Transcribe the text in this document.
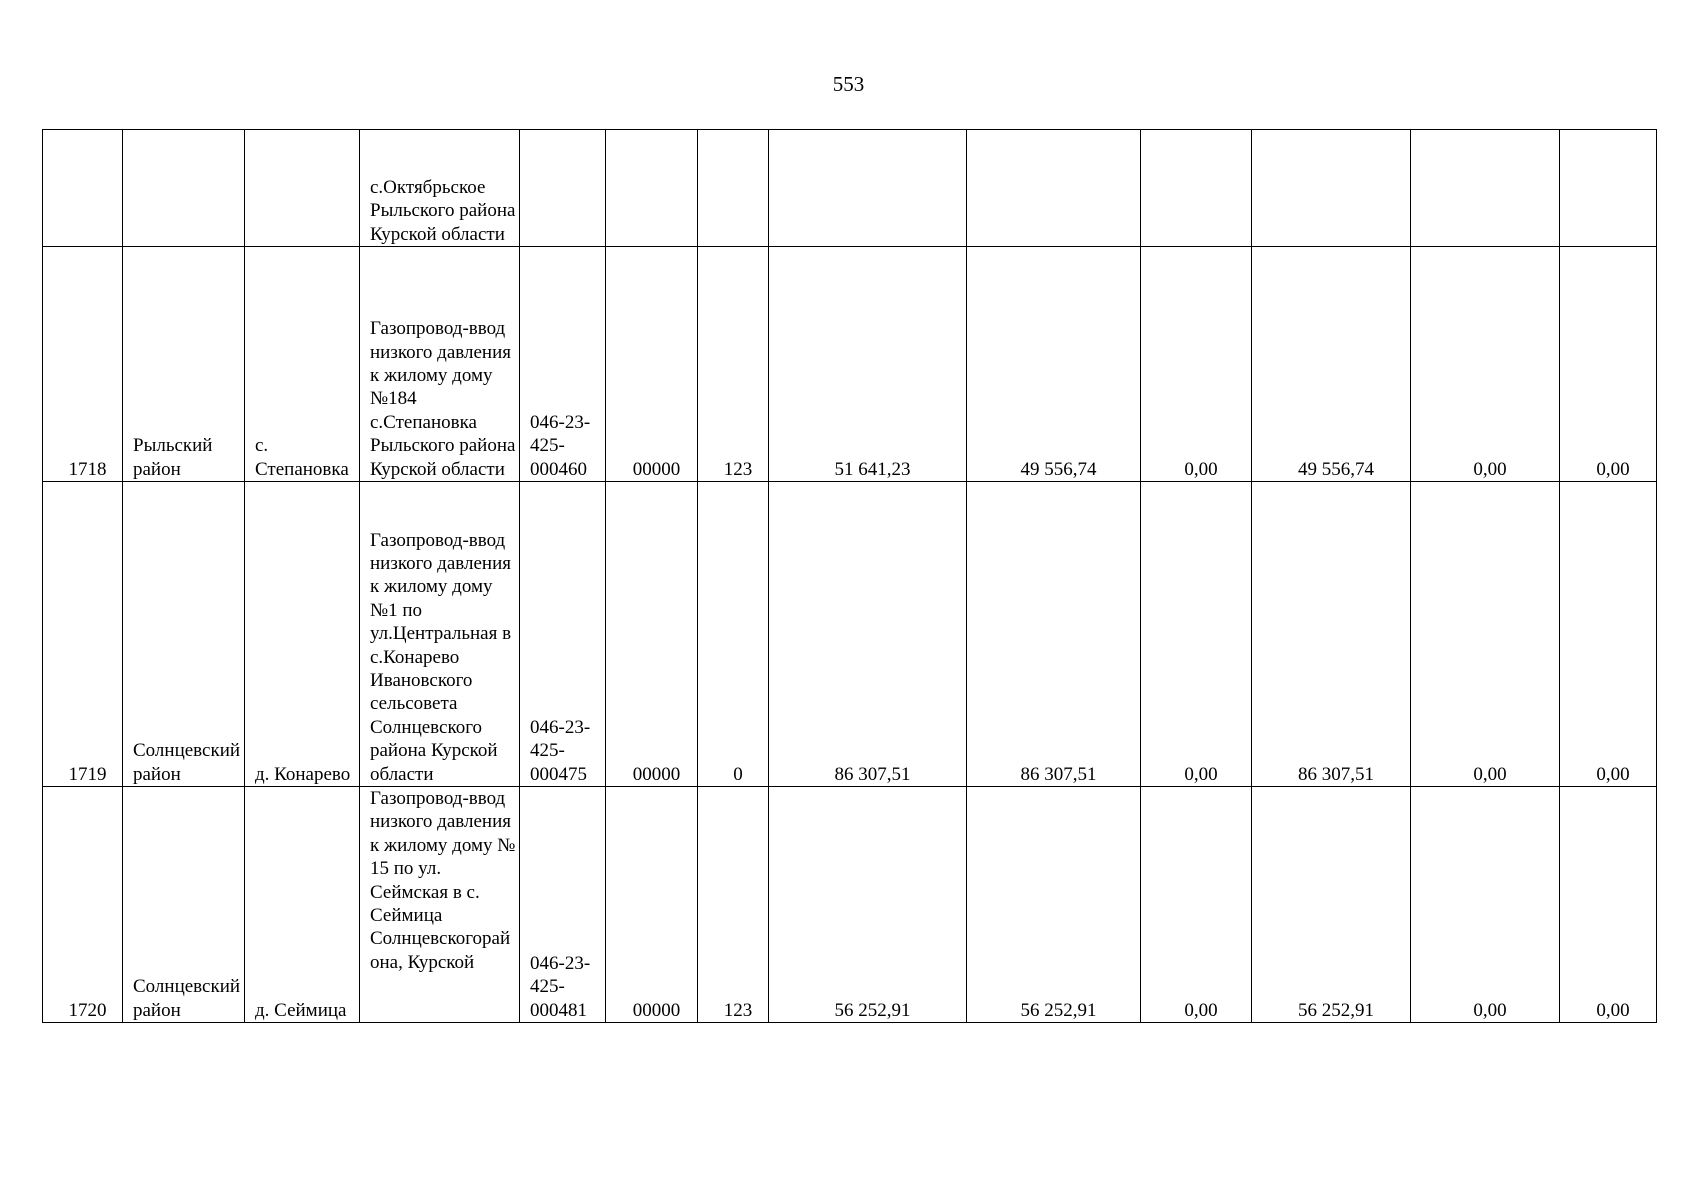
553
			с.Октябрьское Рыльского района Курской области									
1718	Рыльский район	с. Степановка	Газопровод-ввод низкого давления к жилому дому №184 с.Степановка Рыльского района Курской области	046-23-425-000460	00000	123	51 641,23	49 556,74	0,00	49 556,74	0,00	0,00
1719	Солнцевский район	д. Конарево	Газопровод-ввод низкого давления к жилому дому №1 по ул.Центральная в с.Конарево Ивановского сельсовета Солнцевского района Курской области	046-23-425-000475	00000	0	86 307,51	86 307,51	0,00	86 307,51	0,00	0,00
1720	Солнцевский район	д. Сеймица	Газопровод-ввод низкого давления к жилому дому № 15 по ул. Сеймская в с. Сеймица Солнцевскогорайона, Курской	046-23-425-000481	00000	123	56 252,91	56 252,91	0,00	56 252,91	0,00	0,00
